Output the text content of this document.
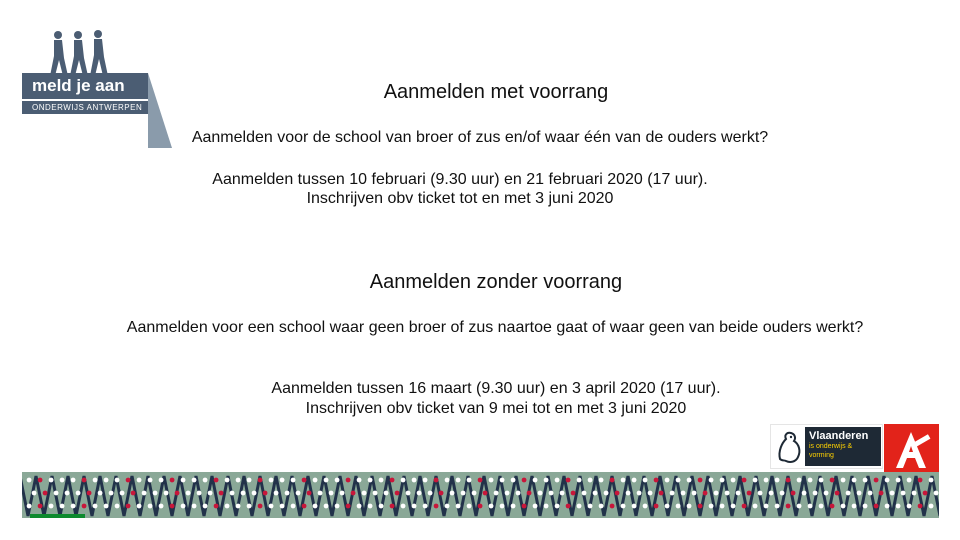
meld je aan
ONDERWIJS ANTWERPEN
Aanmelden met voorrang

Aanmelden voor de school van broer of zus en/of waar één van de ouders werkt?

Aanmelden tussen 10 februari (9.30 uur) en 21 februari 2020 (17 uur).

Inschrijven obv ticket tot en met 3 juni 2020

Aanmelden zonder voorrang

Aanmelden voor een school waar geen broer of zus naartoe gaat of waar geen van beide ouders werkt?

Aanmelden tussen 16 maart (9.30 uur) en 3 april 2020 (17 uur).

Inschrijven obv ticket van 9 mei tot en met 3 juni 2020

Vlaanderen
is onderwijs & vorming
